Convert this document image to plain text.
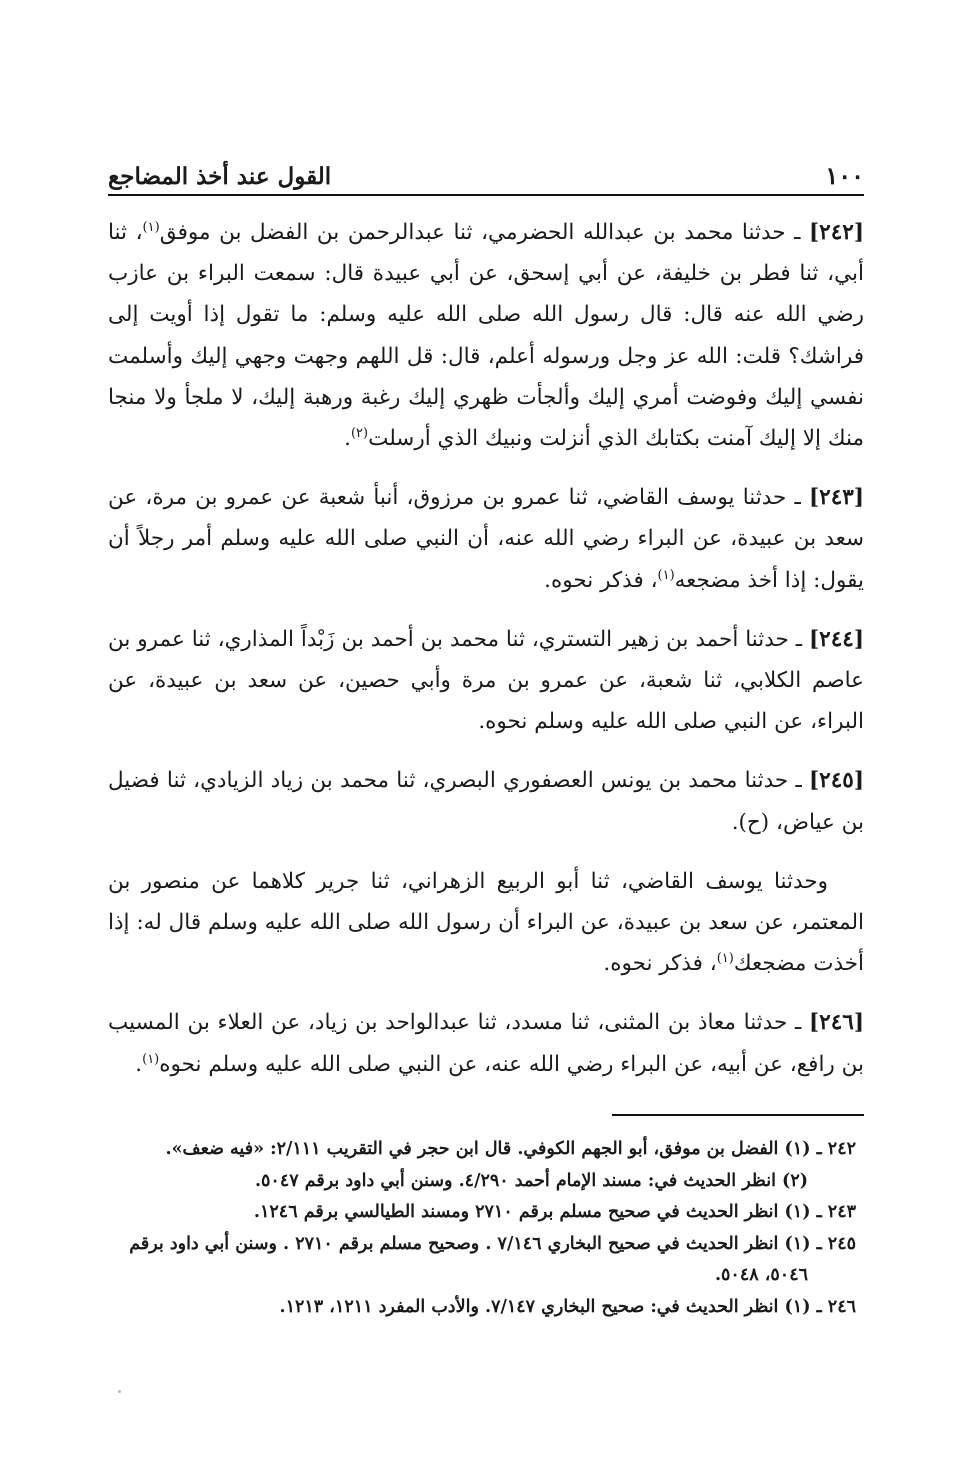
١٠٠
القول عند أخذ المضاجع

[٢٤٢] ـ حدثنا محمد بن عبدالله الحضرمي، ثنا عبدالرحمن بن الفضل بن موفق$^{(١)}$، ثنا أبي، ثنا فطر بن خليفة، عن أبي إسحق، عن أبي عبيدة قال: سمعت البراء بن عازب رضي الله عنه قال: قال رسول الله صلى الله عليه وسلم: ما تقول إذا أويت إلى فراشك؟ قلت: الله عز وجل ورسوله أعلم، قال: قل اللهم وجهت وجهي إليك وأسلمت نفسي إليك وفوضت أمري إليك وألجأت ظهري إليك رغبة ورهبة إليك، لا ملجأ ولا منجا منك إلا إليك آمنت بكتابك الذي أنزلت ونبيك الذي أرسلت$^{(٢)}$.

[٢٤٣] ـ حدثنا يوسف القاضي، ثنا عمرو بن مرزوق، أنبأ شعبة عن عمرو بن مرة، عن سعد بن عبيدة، عن البراء رضي الله عنه، أن النبي صلى الله عليه وسلم أمر رجلاً أن يقول: إذا أخذ مضجعه$^{(١)}$، فذكر نحوه.

[٢٤٤] ـ حدثنا أحمد بن زهير التستري، ثنا محمد بن أحمد بن زَبْداً المذاري، ثنا عمرو بن عاصم الكلابي، ثنا شعبة، عن عمرو بن مرة وأبي حصين، عن سعد بن عبيدة، عن البراء، عن النبي صلى الله عليه وسلم نحوه.

[٢٤٥] ـ حدثنا محمد بن يونس العصفوري البصري، ثنا محمد بن زياد الزيادي، ثنا فضيل بن عياض، (ح).

وحدثنا يوسف القاضي، ثنا أبو الربيع الزهراني، ثنا جرير كلاهما عن منصور بن المعتمر، عن سعد بن عبيدة، عن البراء أن رسول الله صلى الله عليه وسلم قال له: إذا أخذت مضجعك$^{(١)}$، فذكر نحوه.

[٢٤٦] ـ حدثنا معاذ بن المثنى، ثنا مسدد، ثنا عبدالواحد بن زياد، عن العلاء بن المسيب بن رافع، عن أبيه، عن البراء رضي الله عنه، عن النبي صلى الله عليه وسلم نحوه$^{(١)}$.

٢٤٢ ـ (١) الفضل بن موفق، أبو الجهم الكوفي. قال ابن حجر في التقريب ٢/١١١: «فيه ضعف».

(٢) انظر الحديث في: مسند الإمام أحمد ٤/٢٩٠. وسنن أبي داود برقم ٥٠٤٧.

٢٤٣ ـ (١) انظر الحديث في صحيح مسلم برقم ٢٧١٠ ومسند الطيالسي برقم ١٢٤٦.

٢٤٥ ـ (١) انظر الحديث في صحيح البخاري ٧/١٤٦ . وصحيح مسلم برقم ٢٧١٠ . وسنن أبي داود برقم

٥٠٤٦، ٥٠٤٨.

٢٤٦ ـ (١) انظر الحديث في: صحيح البخاري ٧/١٤٧. والأدب المفرد ١٢١١، ١٢١٣.
